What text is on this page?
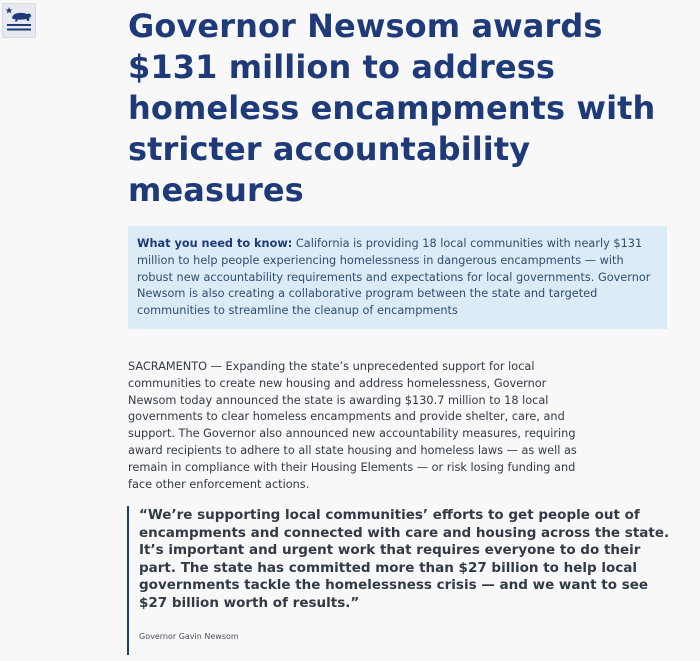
Governor Newsom awards $131 million to address homeless encampments with stricter accountability measures
What you need to know: California is providing 18 local communities with nearly $131 million to help people experiencing homelessness in dangerous encampments — with robust new accountability requirements and expectations for local governments. Governor Newsom is also creating a collaborative program between the state and targeted communities to streamline the cleanup of encampments

SACRAMENTO — Expanding the state’s unprecedented support for local communities to create new housing and address homelessness, Governor Newsom today announced the state is awarding $130.7 million to 18 local governments to clear homeless encampments and provide shelter, care, and support. The Governor also announced new accountability measures, requiring award recipients to adhere to all state housing and homeless laws — as well as remain in compliance with their Housing Elements — or risk losing funding and face other enforcement actions.

“We’re supporting local communities’ efforts to get people out of encampments and connected with care and housing across the state. It’s important and urgent work that requires everyone to do their part. The state has committed more than $27 billion to help local governments tackle the homelessness crisis — and we want to see $27 billion worth of results.”

Governor Gavin Newsom
